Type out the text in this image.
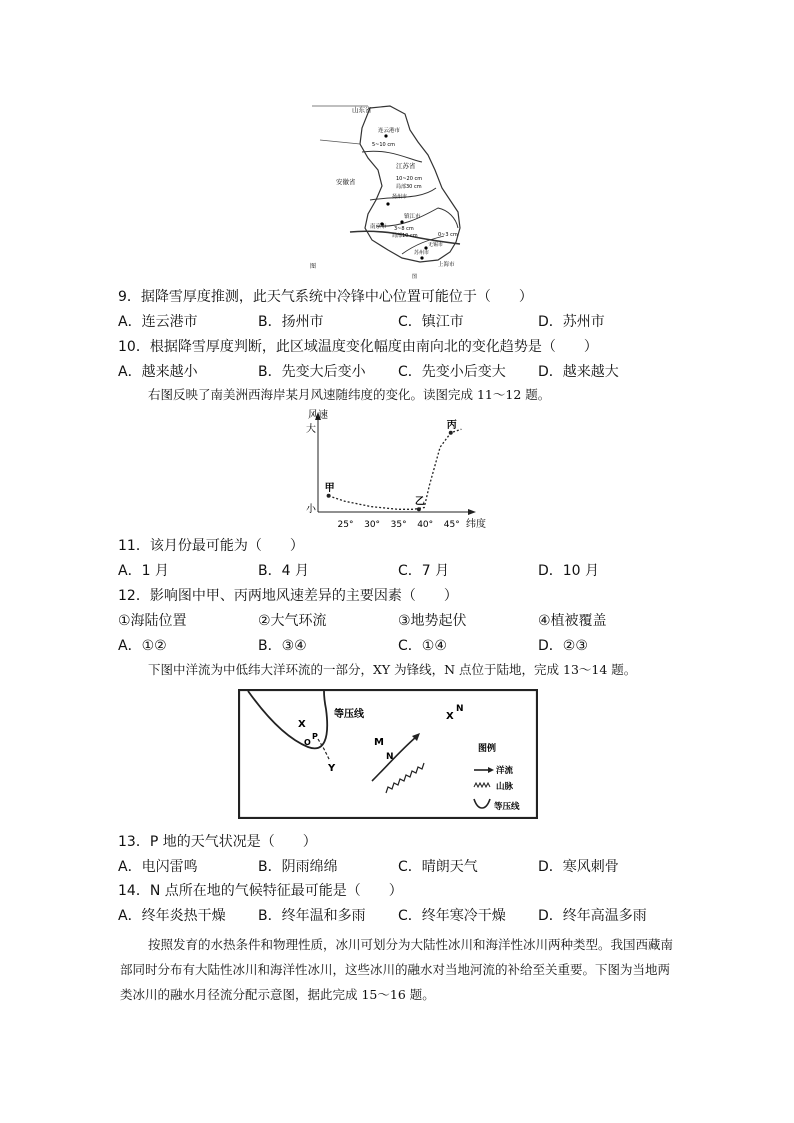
山东省
连云港市
5~10 cm
江苏省
安徽省	10~20 cm
局部30 cm
扬州市
镇江市
南京市 3~8 cm
局部10 cm
无锡市
苏州市
0~3 cm
上海市
图
图
9．据降雪厚度推测，此天气系统中冷锋中心位置可能位于（　　）
A．连云港市	B．扬州市	C．镇江市	D．苏州市
10．根据降雪厚度判断，此区域温度变化幅度由南向北的变化趋势是（　　）
A．越来越小	B．先变大后变小 C．先变小后变大 D．越来越大
右图反映了南美洲西海岸某月风速随纬度的变化。读图完成 11～12 题。
风速
大
小
纬度
25° 30° 35° 40° 45°
甲
乙
丙
11．该月份最可能为（　　）
A．1 月	B．4 月	C．7 月	D．10 月
12．影响图中甲、丙两地风速差异的主要因素（　　）
①海陆位置	②大气环流	③地势起伏	④植被覆盖
A．①②	B．③④	C．①④	D．②③
下图中洋流为中低纬大洋环流的一部分，XY 为锋线，N 点位于陆地，完成 13～14 题。
等压线
X
O
P
Y
M
N
X
N
图例
洋流
山脉
等压线
13．P 地的天气状况是（　　）
A．电闪雷鸣	B．阴雨绵绵	C．晴朗天气	D．寒风刺骨
14．N 点所在地的气候特征最可能是（　　）
A．终年炎热干燥 B．终年温和多雨 C．终年寒冷干燥 D．终年高温多雨
按照发育的水热条件和物理性质，冰川可划分为大陆性冰川和海洋性冰川两种类型。我国西藏南部同时分布有大陆性冰川和海洋性冰川，这些冰川的融水对当地河流的补给至关重要。下图为当地两类冰川的融水月径流分配示意图，据此完成 15～16 题。
